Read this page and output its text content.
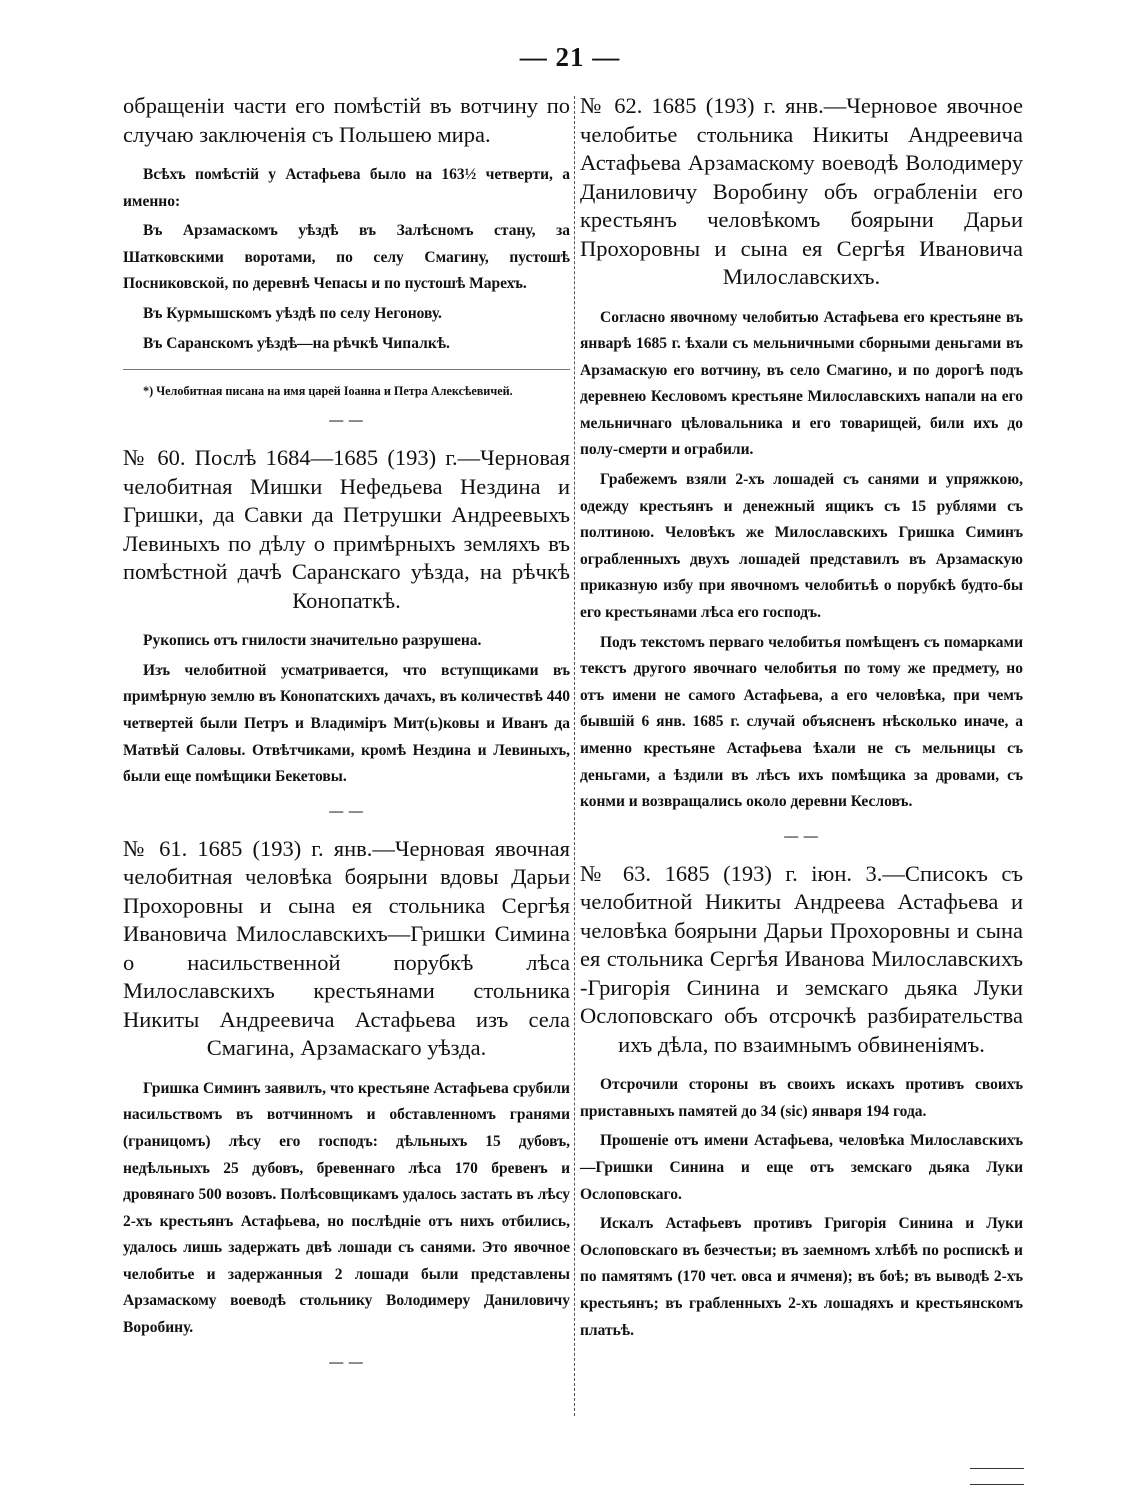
— 21 —

обращенiи части его помѣстiй въ вотчину по случаю заключенiя съ Польшею мира.

Всѣхъ помѣстiй у Астафьева было на 163½ четверти, а именно:

Въ Арзамаскомъ уѣздѣ въ Залѣсномъ стану, за Шатковскими воротами, по селу Смагину, пустошѣ Посниковской, по деревнѣ Чепасы и по пустошѣ Марехъ.

Въ Курмышскомъ уѣздѣ по селу Негонову.

Въ Саранскомъ уѣздѣ—на рѣчкѣ Чипалкѣ.

*) Челобитная писана на имя царей Iоанна и Петра Алексѣевичей.

— —

№ 60. Послѣ 1684—1685 (193) г.—Черновая челобитная Мишки Нефедьева Нездина и Гришки, да Савки да Петрушки Андреевыхъ Левиныхъ по дѣлу о примѣрныхъ земляхъ въ помѣстной дачѣ Саранскаго уѣзда, на рѣчкѣ Конопаткѣ.

Рукопись отъ гнилости значительно разрушена.

Изъ челобитной усматривается, что вступщиками въ примѣрную землю въ Конопатскихъ дачахъ, въ количествѣ 440 четвертей были Петръ и Владимiръ Мит(ь)ковы и Иванъ да Матвѣй Саловы. Отвѣтчиками, кромѣ Нездина и Левиныхъ, были еще помѣщики Бекетовы.

— —

№ 61. 1685 (193) г. янв.—Черновая явочная челобитная человѣка боярыни вдовы Дарьи Прохоровны и сына ея стольника Сергѣя Ивановича Милославскихъ—Гришки Симина о насильственной порубкѣ лѣса Милославскихъ крестьянами стольника Никиты Андреевича Астафьева изъ села Смагина, Арзамаскаго уѣзда.

Гришка Симинъ заявилъ, что крестьяне Астафьева срубили насильствомъ въ вотчинномъ и обставленномъ гранями (границомъ) лѣсу его господъ: дѣльныхъ 15 дубовъ, недѣльныхъ 25 дубовъ, бревеннаго лѣса 170 бревенъ и дровянаго 500 возовъ. Полѣсовщикамъ удалось застать въ лѣсу 2-хъ крестьянъ Астафьева, но послѣднiе отъ нихъ отбились, удалось лишь задержать двѣ лошади съ санями. Это явочное челобитье и задержанныя 2 лошади были представлены Арзамаскому воеводѣ стольнику Володимеру Даниловичу Воробину.

— —

№ 62. 1685 (193) г. янв.—Черновое явочное челобитье стольника Никиты Андреевича Астафьева Арзамаскому воеводѣ Володимеру Даниловичу Воробину объ ограбленiи его крестьянъ человѣкомъ боярыни Дарьи Прохоровны и сына ея Сергѣя Ивановича Милославскихъ.

Согласно явочному челобитью Астафьева его крестьяне въ январѣ 1685 г. ѣхали съ мельничными сборными деньгами въ Арзамаскую его вотчину, въ село Смагино, и по дорогѣ подъ деревнею Кесловомъ крестьяне Милославскихъ напали на его мельничнаго цѣловальника и его товарищей, били ихъ до полу-смерти и ограбили.

Грабежемъ взяли 2-хъ лошадей съ санями и упряжкою, одежду крестьянъ и денежный ящикъ съ 15 рублями съ полтиною. Человѣкъ же Милославскихъ Гришка Симинъ ограбленныхъ двухъ лошадей представилъ въ Арзамаскую приказную избу при явочномъ челобитьѣ о порубкѣ будто-бы его крестьянами лѣса его господъ.

Подъ текстомъ перваго челобитья помѣщенъ съ помарками текстъ другого явочнаго челобитья по тому же предмету, но отъ имени не самого Астафьева, а его человѣка, при чемъ бывшiй 6 янв. 1685 г. случай объясненъ нѣсколько иначе, а именно крестьяне Астафьева ѣхали не съ мельницы съ деньгами, а ѣздили въ лѣсъ ихъ помѣщика за дровами, съ конми и возвращались около деревни Кесловъ.

— —

№ 63. 1685 (193) г. iюн. 3.—Списокъ съ челобитной Никиты Андреева Астафьева и человѣка боярыни Дарьи Прохоровны и сына ея стольника Сергѣя Иванова Милославскихъ -Григорiя Синина и земскаго дьяка Луки Ослоповскаго объ отсрочкѣ разбирательства ихъ дѣла, по взаимнымъ обвиненiямъ.

Отсрочили стороны въ своихъ искахъ противъ своихъ приставныхъ памятей до 34 (sic) января 194 года.

Прошенiе отъ имени Астафьева, человѣка Милославскихъ—Гришки Синина и еще отъ земскаго дьяка Луки Ослоповскаго.

Искалъ Астафьевъ противъ Григорiя Синина и Луки Ослоповскаго въ безчестьи; въ заемномъ хлѣбѣ по роспискѣ и по памятямъ (170 чет. овса и ячменя); въ боѣ; въ выводѣ 2-хъ крестьянъ; въ грабленныхъ 2-хъ лошадяхъ и крестьянскомъ платьѣ.
